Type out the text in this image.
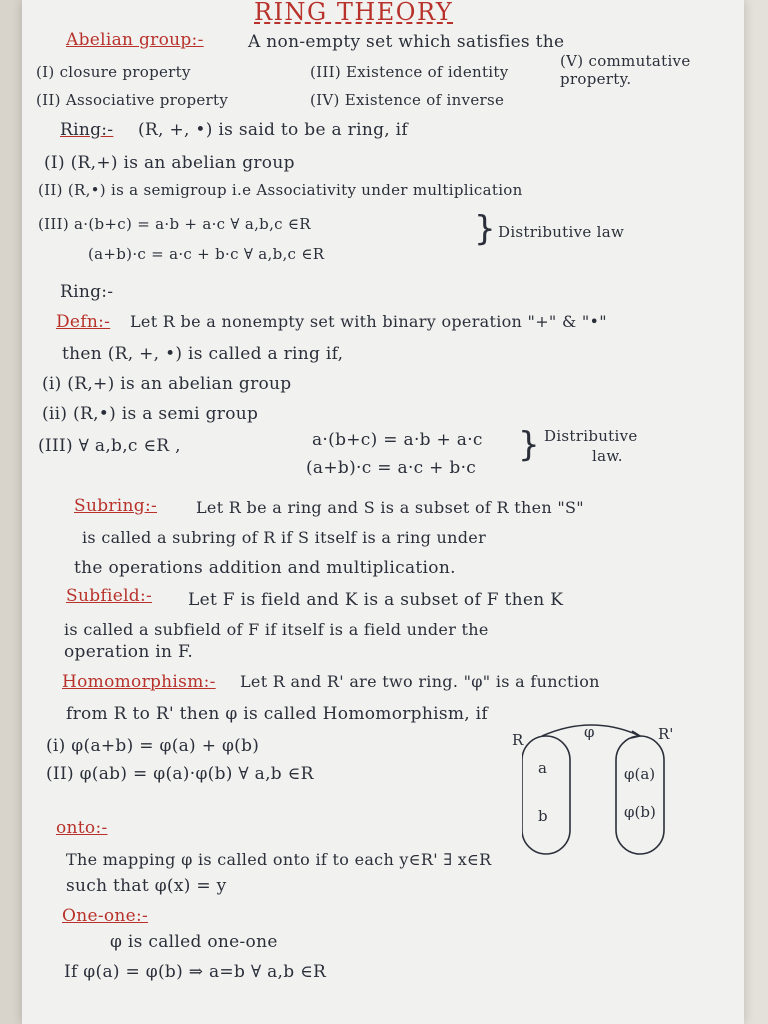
RING THEORY
Abelian group:-	A non-empty set which satisfies the
(I) closure property	(III) Existence of identity
(V) commutative property.
(II) Associative property	(IV) Existence of inverse
Ring:- (R, +, •) is said to be a ring, if
(I) (R,+) is an abelian group
(II) (R,•) is a semigroup i.e Associativity under multiplication
(III) a·(b+c) = a·b + a·c ∀ a,b,c ∈R
(a+b)·c = a·c + b·c ∀ a,b,c ∈R
} Distributive law
Ring:-
Defn:- Let R be a nonempty set with binary operation "+" & "•"
then (R, +, •) is called a ring if,
(i) (R,+) is an abelian group
(ii) (R,•) is a semi group
(III) ∀ a,b,c ∈R ,	a·(b+c) = a·b + a·c
(a+b)·c = a·c + b·c
} Distributive
law.
Subring:- Let R be a ring and S is a subset of R then "S"
is called a subring of R if S itself is a ring under
the operations addition and multiplication.
Subfield:- Let F is field and K is a subset of F then K
is called a subfield of F if itself is a field under the
operation in F.
Homomorphism:- Let R and R' are two ring. "φ" is a function
from R to R' then φ is called Homomorphism, if
(i) φ(a+b) = φ(a) + φ(b)
(II) φ(ab) = φ(a)·φ(b) ∀ a,b ∈R
R	R'
φ
a
b
φ(a)
φ(b)
onto:-
The mapping φ is called onto if to each y∈R' ∃ x∈R
such that φ(x) = y
One-one:-
φ is called one-one
If φ(a) = φ(b) ⇒ a=b ∀ a,b ∈R
